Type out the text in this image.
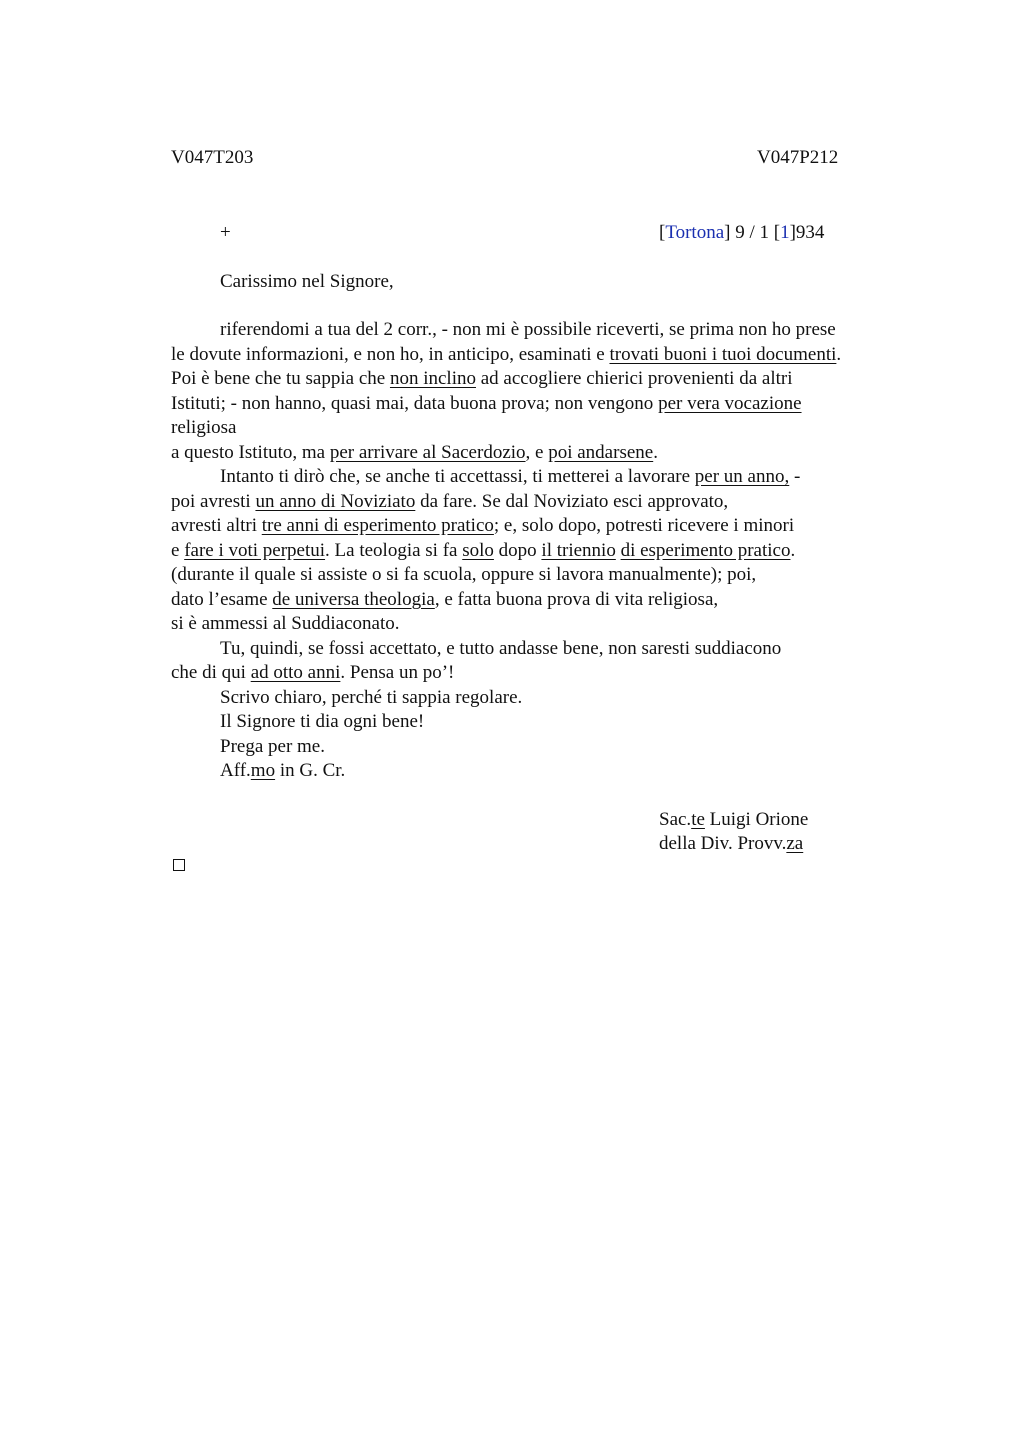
V047T203	V047P212
+	[Tortona] 9 / 1 [1]934
Carissimo nel Signore,
riferendomi a tua del 2 corr., - non mi è possibile riceverti, se prima non ho prese
le dovute informazioni, e non ho, in anticipo, esaminati e trovati buoni i tuoi documenti.
Poi è bene che tu sappia che non inclino ad accogliere chierici provenienti da altri
Istituti; - non hanno, quasi mai, data buona prova; non vengono per vera vocazione
religiosa
a questo Istituto, ma per arrivare al Sacerdozio, e poi andarsene.
Intanto ti dirò che, se anche ti accettassi, ti metterei a lavorare per un anno, -
poi avresti un anno di Noviziato da fare. Se dal Noviziato esci approvato,
avresti altri tre anni di esperimento pratico; e, solo dopo, potresti ricevere i minori
e fare i voti perpetui. La teologia si fa solo dopo il triennio di esperimento pratico.
(durante il quale si assiste o si fa scuola, oppure si lavora manualmente); poi,
dato l’esame de universa theologia, e fatta buona prova di vita religiosa,
si è ammessi al Suddiaconato.
Tu, quindi, se fossi accettato, e tutto andasse bene, non saresti suddiacono
che di qui ad otto anni. Pensa un po’!
Scrivo chiaro, perché ti sappia regolare.
Il Signore ti dia ogni bene!
Prega per me.
Aff.mo in G. Cr.
Sac.te Luigi Orione
della Div. Provv.za
